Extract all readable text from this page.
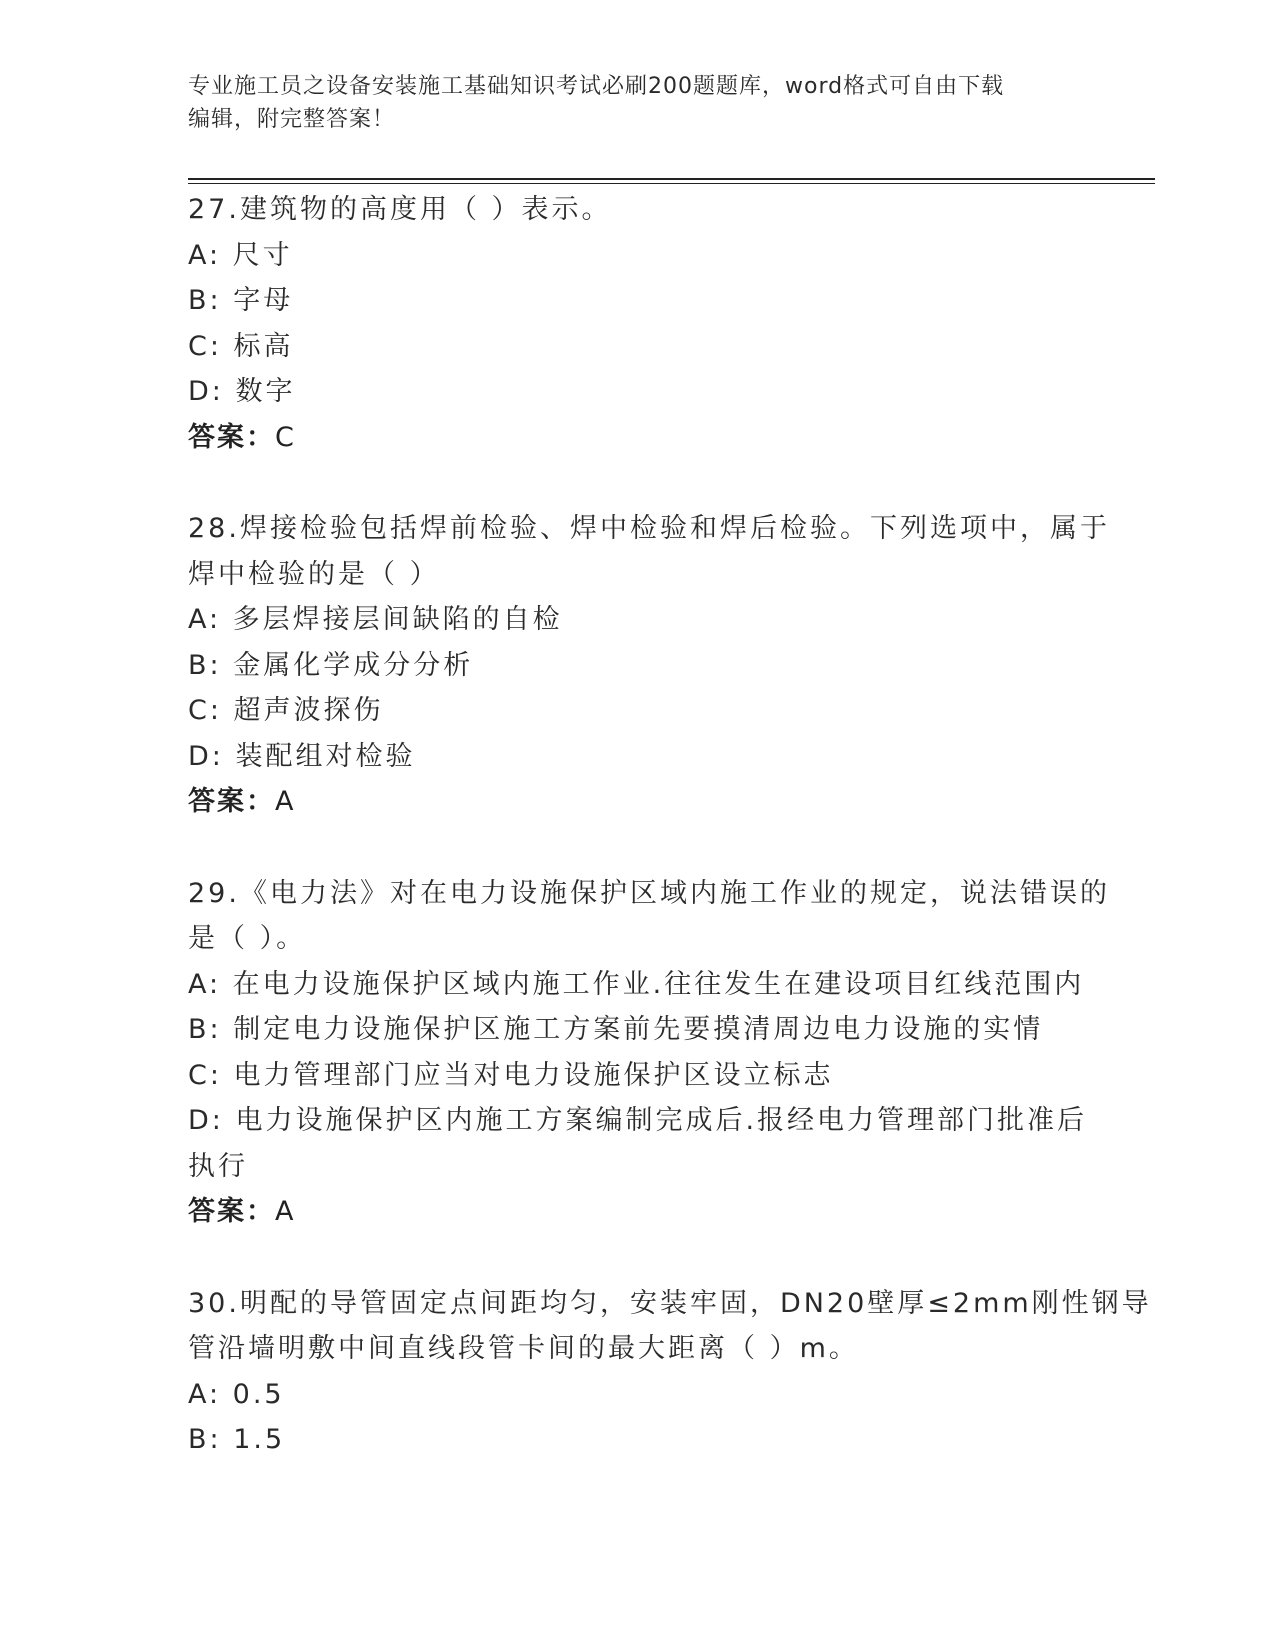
专业施工员之设备安装施工基础知识考试必刷200题题库，word格式可自由下载
编辑，附完整答案！
27.建筑物的高度用（ ）表示。
A: 尺寸
B: 字母
C: 标高
D: 数字
答案：C
28.焊接检验包括焊前检验、焊中检验和焊后检验。下列选项中，属于
焊中检验的是（ ）
A: 多层焊接层间缺陷的自检
B: 金属化学成分分析
C: 超声波探伤
D: 装配组对检验
答案：A
29.《电力法》对在电力设施保护区域内施工作业的规定，说法错误的
是（ ）。
A: 在电力设施保护区域内施工作业.往往发生在建设项目红线范围内
B: 制定电力设施保护区施工方案前先要摸清周边电力设施的实情
C: 电力管理部门应当对电力设施保护区设立标志
D: 电力设施保护区内施工方案编制完成后.报经电力管理部门批准后
执行
答案：A
30.明配的导管固定点间距均匀，安装牢固，DN20壁厚≤2mm刚性钢导
管沿墙明敷中间直线段管卡间的最大距离（ ）m。
A: 0.5
B: 1.5
